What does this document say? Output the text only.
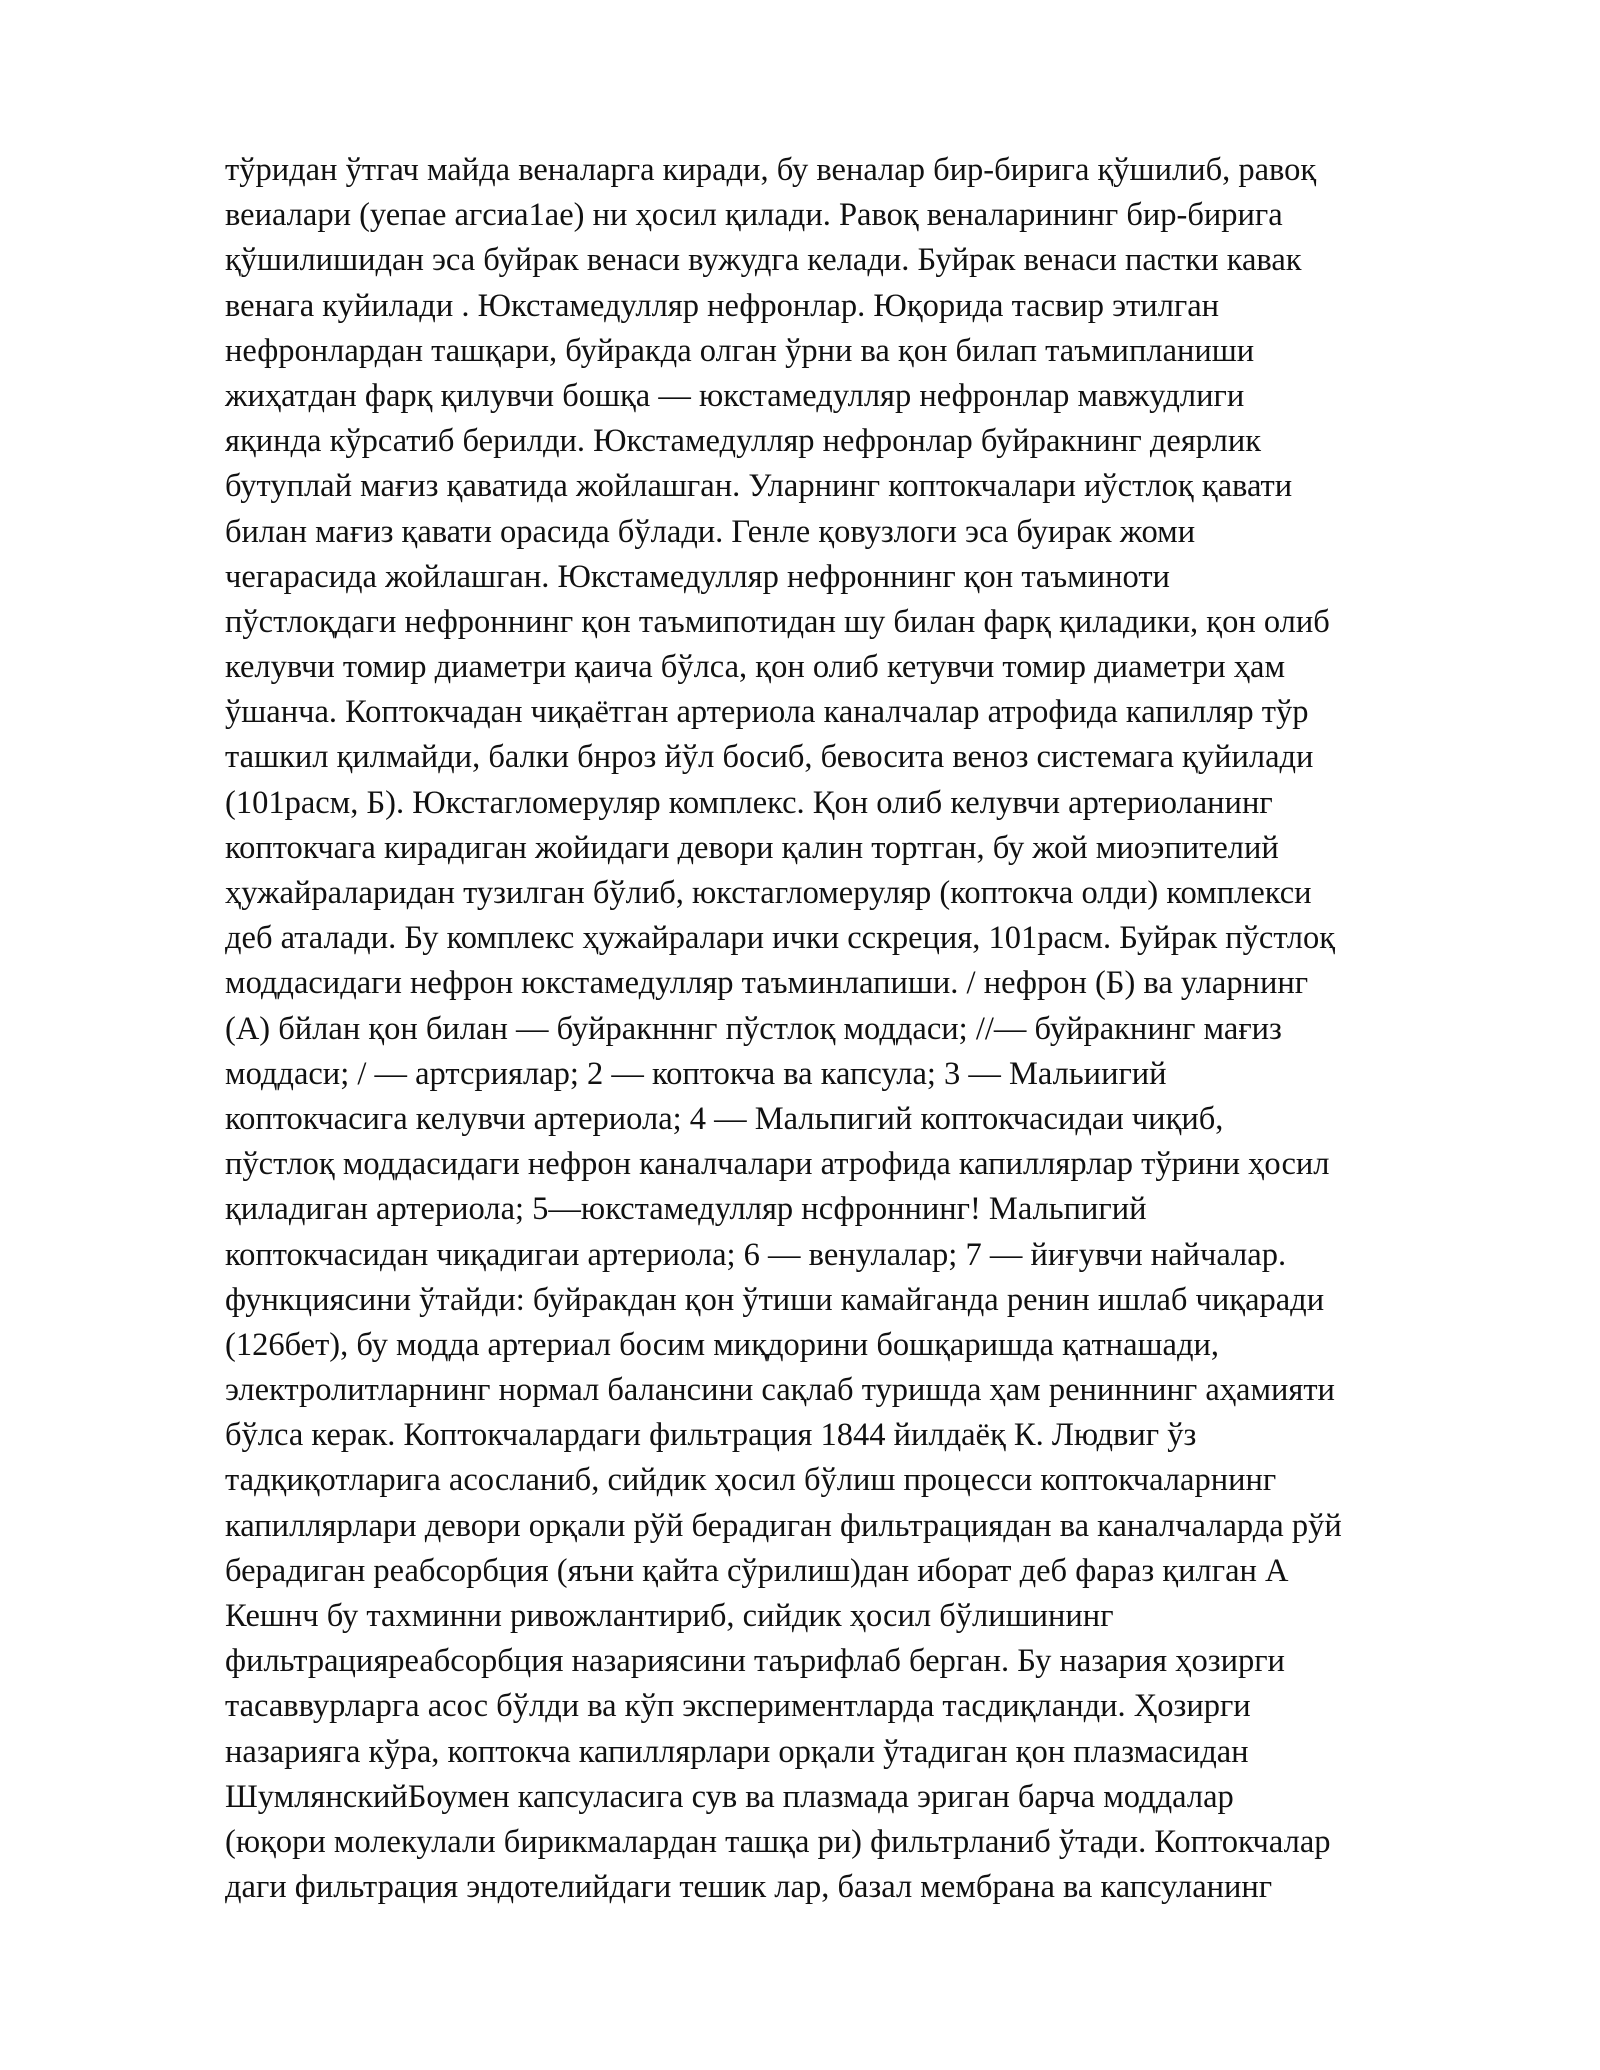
тўридан ўтгач майда веналарга киради, бу веналар бир-бирига қўшилиб, равоқ
веиалари (уепае агсиа1ае) ни ҳосил қилади. Равоқ веналарининг бир-бирига
қўшилишидан эса буйрак венаси вужудга келади. Буйрак венаси пастки кавак
венага куйилади . Юкстамедулляр нефронлар. Юқорида тасвир этилган
нефронлардан ташқари, буйракда олган ўрни ва қон билап таъмипланиши
жиҳатдан фарқ қилувчи бошқа — юкстамедулляр нефронлар мавжудлиги
яқинда кўрсатиб берилди. Юкстамедулляр нефронлар буйракнинг деярлик
бутуплай мағиз қаватида жойлашган. Уларнинг коптокчалари иўстлоқ қавати
билан мағиз қавати орасида бўлади. Генле қовузлоги эса буирак жоми
чегарасида жойлашган. Юкстамедулляр нефроннинг қон таъминоти
пўстлоқдаги нефроннинг қон таъмипотидан шу билан фарқ қиладики, қон олиб
келувчи томир диаметри қаича бўлса, қон олиб кетувчи томир диаметри ҳам
ўшанча. Коптокчадан чиқаётган артериола каналчалар атрофида капилляр тўр
ташкил қилмайди, балки бнроз йўл босиб, бевосита веноз системага қуйилади
(101расм, Б). Юкстагломеруляр комплекс. Қон олиб келувчи артериоланинг
коптокчага кирадиган жойидаги девори қалин тортган, бу жой миоэпителий
ҳужайраларидан тузилган бўлиб, юкстагломеруляр (коптокча олди) комплекси
деб аталади. Бу комплекс ҳужайралари ички сскреция, 101расм. Буйрак пўстлоқ
моддасидаги нефрон юкстамедулляр таъминлапиши. / нефрон (Б) ва уларнинг
(А) бйлан қон билан — буйракнннг пўстлоқ моддаси; //— буйракнинг мағиз
моддаси; / — артсриялар; 2 — коптокча ва капсула; 3 — Мальиигий
коптокчасига келувчи артериола; 4 — Мальпигий коптокчасидаи чиқиб,
пўстлоқ моддасидаги нефрон каналчалари атрофида капиллярлар тўрини ҳосил
қиладиган артериола; 5—юкстамедулляр нсфроннинг! Мальпигий
коптокчасидан чиқадигаи артериола; 6 — венулалар; 7 — йиғувчи найчалар.
функциясини ўтайди: буйракдан қон ўтиши камайганда ренин ишлаб чиқаради
(126бет), бу модда артериал босим миқдорини бошқаришда қатнашади,
электролитларнинг нормал балансини сақлаб туришда ҳам рениннинг аҳамияти
бўлса керак. Коптокчалардаги фильтрация 1844 йилдаёқ К. Людвиг ўз
тадқиқотларига асосланиб, сийдик ҳосил бўлиш процесси коптокчаларнинг
капиллярлари девори орқали рўй берадиган фильтрациядан ва каналчаларда рўй
берадиган реабсорбция (яъни қайта сўрилиш)дан иборат деб фараз қилган А
Кешнч бу тахминни ривожлантириб, сийдик ҳосил бўлишининг
фильтрацияреабсорбция назариясини таърифлаб берган. Бу назария ҳозирги
тасаввурларга асос бўлди ва кўп экспериментларда тасдиқланди. Ҳозирги
назарияга кўра, коптокча капиллярлари орқали ўтадиган қон плазмасидан
ШумлянскийБоумен капсуласига сув ва плазмада эриган барча моддалар
(юқори молекулали бирикмалардан ташқа ри) фильтрланиб ўтади. Коптокчалар
даги фильтрация эндотелийдаги тешик лар, базал мембрана ва капсуланинг
